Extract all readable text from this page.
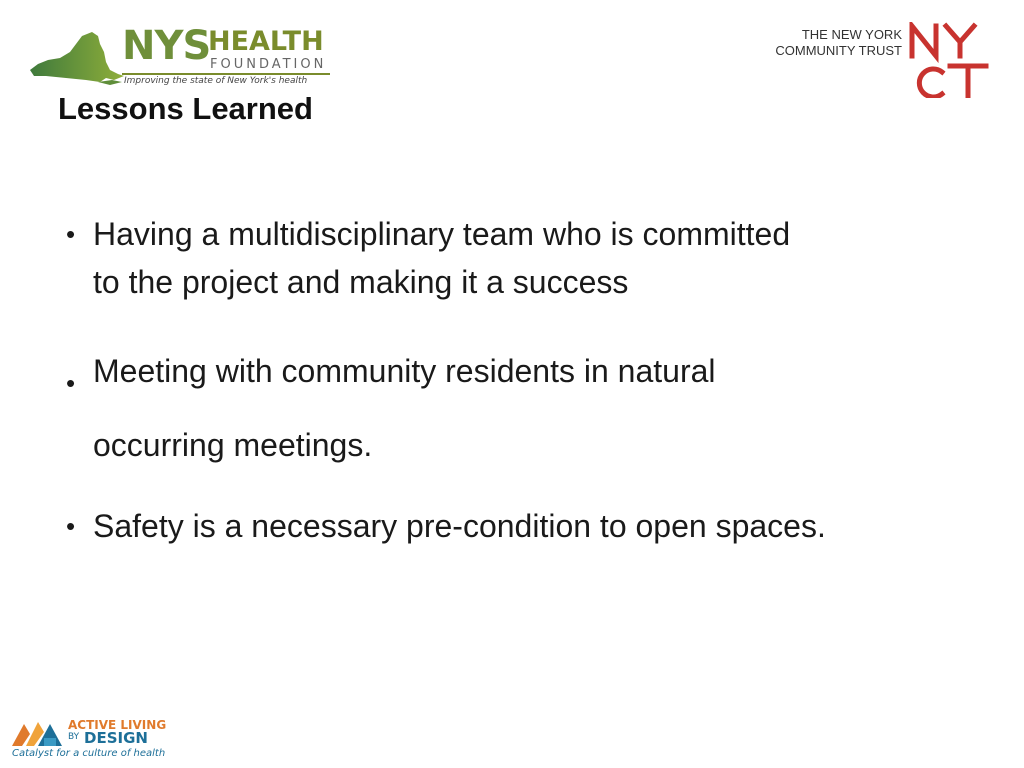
NYS
HEALTH
FOUNDATION
Improving the state of New York's health
THE NEW YORK
COMMUNITY TRUST
Lessons Learned
• Having a multidisciplinary team who is committed
to the project and making it a success
• Meeting with community residents in natural
occurring meetings.
• Safety is a necessary pre-condition to open spaces.
ACTIVE LIVING
BY DESIGN
Catalyst for a culture of health
